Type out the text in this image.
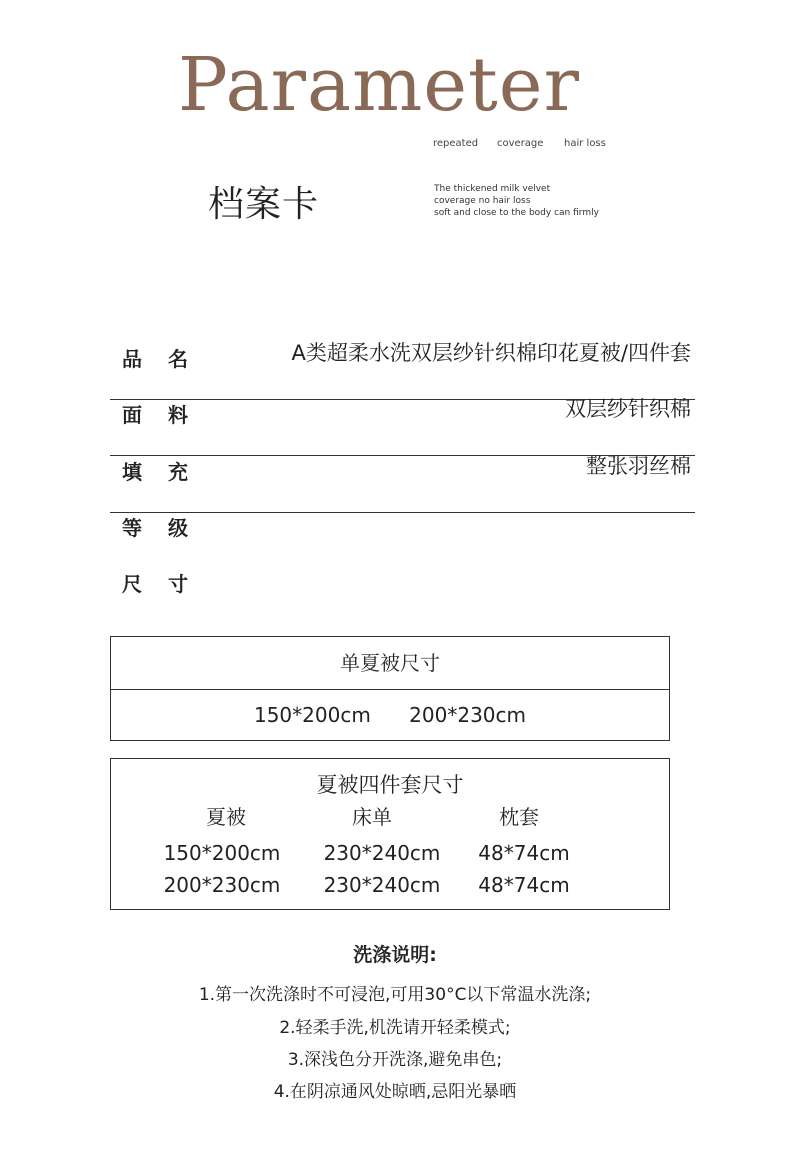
Parameter
repeated coverage hair loss
档案卡	The thickened milk velvet
coverage no hair loss
soft and close to the body can firmly
品名	A类超柔水洗双层纱针织棉印花夏被/四件套
面料	双层纱针织棉
填充	整张羽丝棉
等级
尺寸
单夏被尺寸
150*200cm 200*230cm
夏被四件套尺寸
夏被	床单	枕套
150*200cm	230*240cm	48*74cm
200*230cm	230*240cm	48*74cm
洗涤说明:
1.第一次洗涤时不可浸泡,可用30°C以下常温水洗涤;
2.轻柔手洗,机洗请开轻柔模式;
3.深浅色分开洗涤,避免串色;
4.在阴凉通风处晾晒,忌阳光暴晒
